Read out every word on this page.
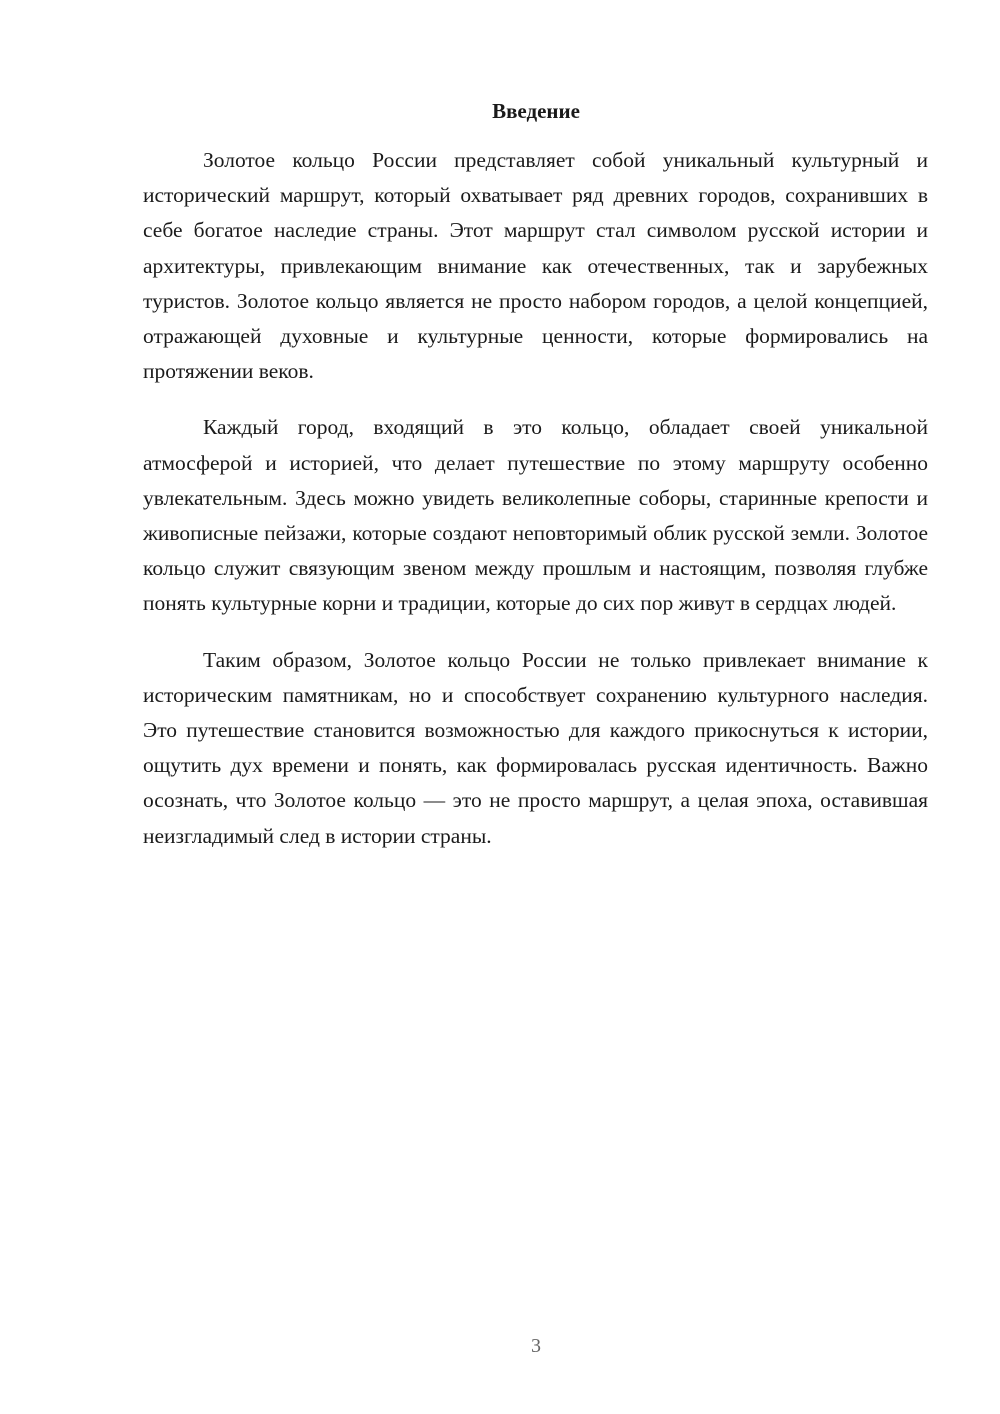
Введение

Золотое кольцо России представляет собой уникальный культурный и исторический маршрут, который охватывает ряд древних городов, сохранивших в себе богатое наследие страны. Этот маршрут стал символом русской истории и архитектуры, привлекающим внимание как отечественных, так и зарубежных туристов. Золотое кольцо является не просто набором городов, а целой концепцией, отражающей духовные и культурные ценности, которые формировались на протяжении веков.

Каждый город, входящий в это кольцо, обладает своей уникальной атмосферой и историей, что делает путешествие по этому маршруту особенно увлекательным. Здесь можно увидеть великолепные соборы, старинные крепости и живописные пейзажи, которые создают неповторимый облик русской земли. Золотое кольцо служит связующим звеном между прошлым и настоящим, позволяя глубже понять культурные корни и традиции, которые до сих пор живут в сердцах людей.

Таким образом, Золотое кольцо России не только привлекает внимание к историческим памятникам, но и способствует сохранению культурного наследия. Это путешествие становится возможностью для каждого прикоснуться к истории, ощутить дух времени и понять, как формировалась русская идентичность. Важно осознать, что Золотое кольцо — это не просто маршрут, а целая эпоха, оставившая неизгладимый след в истории страны.

3
